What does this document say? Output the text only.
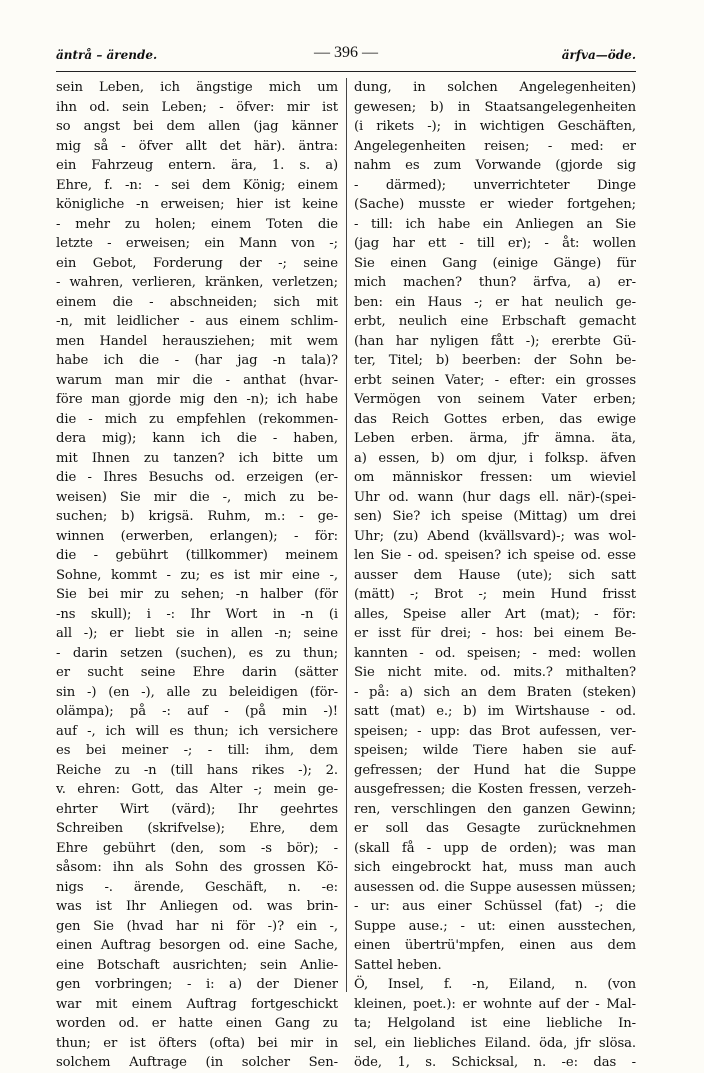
äntrå – ärende.	— 396 —	ärfva—öde.
sein Leben, ich ängstige mich um
ihn od. sein Leben; - öfver: mir ist
so angst bei dem allen (jag känner
mig så - öfver allt det här). äntra:
ein Fahrzeug entern. ära, 1. s. a)
Ehre, f. -n: - sei dem König; einem
königliche -n erweisen; hier ist keine
- mehr zu holen; einem Toten die
letzte - erweisen; ein Mann von -;
ein Gebot, Forderung der -; seine
- wahren, verlieren, kränken, verletzen;
einem die - abschneiden; sich mit
-n, mit leidlicher - aus einem schlim-
men Handel herausziehen; mit wem
habe ich die - (har jag -n tala)?
warum man mir die - anthat (hvar-
före man gjorde mig den -n); ich habe
die - mich zu empfehlen (rekommen-
dera mig); kann ich die - haben,
mit Ihnen zu tanzen? ich bitte um
die - Ihres Besuchs od. erzeigen (er-
weisen) Sie mir die -, mich zu be-
suchen; b) krigsä. Ruhm, m.: - ge-
winnen (erwerben, erlangen); - för:
die - gebührt (tillkommer) meinem
Sohne, kommt - zu; es ist mir eine -,
Sie bei mir zu sehen; -n halber (för
-ns skull); i -: Ihr Wort in -n (i
all -); er liebt sie in allen -n; seine
- darin setzen (suchen), es zu thun;
er sucht seine Ehre darin (sätter
sin -) (en -), alle zu beleidigen (för-
olämpa); på -: auf - (på min -)!
auf -, ich will es thun; ich versichere
es bei meiner -; - till: ihm, dem
Reiche zu -n (till hans rikes -); 2.
v. ehren: Gott, das Alter -; mein ge-
ehrter Wirt (värd); Ihr geehrtes
Schreiben (skrifvelse); Ehre, dem
Ehre gebührt (den, som -s bör); -
såsom: ihn als Sohn des grossen Kö-
nigs -. ärende, Geschäft, n. -e:
was ist Ihr Anliegen od. was brin-
gen Sie (hvad har ni för -)? ein -,
einen Auftrag besorgen od. eine Sache,
eine Botschaft ausrichten; sein Anlie-
gen vorbringen; - i: a) der Diener
war mit einem Auftrag fortgeschickt
worden od. er hatte einen Gang zu
thun; er ist öfters (ofta) bei mir in
solchem Auftrage (in solcher Sen-
dung, in solchen Angelegenheiten)
gewesen; b) in Staatsangelegenheiten
(i rikets -); in wichtigen Geschäften,
Angelegenheiten reisen; - med: er
nahm es zum Vorwande (gjorde sig
- därmed); unverrichteter Dinge
(Sache) musste er wieder fortgehen;
- till: ich habe ein Anliegen an Sie
(jag har ett - till er); - åt: wollen
Sie einen Gang (einige Gänge) für
mich machen? thun? ärfva, a) er-
ben: ein Haus -; er hat neulich ge-
erbt, neulich eine Erbschaft gemacht
(han har nyligen fått -); ererbte Gü-
ter, Titel; b) beerben: der Sohn be-
erbt seinen Vater; - efter: ein grosses
Vermögen von seinem Vater erben;
das Reich Gottes erben, das ewige
Leben erben. ärma, jfr ämna. äta,
a) essen, b) om djur, i folksp. äfven
om människor fressen: um wieviel
Uhr od. wann (hur dags ell. när)-(spei-
sen) Sie? ich speise (Mittag) um drei
Uhr; (zu) Abend (kvällsvard)-; was wol-
len Sie - od. speisen? ich speise od. esse
ausser dem Hause (ute); sich satt
(mätt) -; Brot -; mein Hund frisst
alles, Speise aller Art (mat); - för:
er isst für drei; - hos: bei einem Be-
kannten - od. speisen; - med: wollen
Sie nicht mite. od. mits.? mithalten?
- på: a) sich an dem Braten (steken)
satt (mat) e.; b) im Wirtshause - od.
speisen; - upp: das Brot aufessen, ver-
speisen; wilde Tiere haben sie auf-
gefressen; der Hund hat die Suppe
ausgefressen; die Kosten fressen, verzeh-
ren, verschlingen den ganzen Gewinn;
er soll das Gesagte zurücknehmen
(skall få - upp de orden); was man
sich eingebrockt hat, muss man auch
ausessen od. die Suppe ausessen müssen;
- ur: aus einer Schüssel (fat) -; die
Suppe ause.; - ut: einen ausstechen,
einen übertrü'mpfen, einen aus dem
Sattel heben.
Ö, Insel, f. -n, Eiland, n. (von
kleinen, poet.): er wohnte auf der - Mal-
ta; Helgoland ist eine liebliche In-
sel, ein liebliches Eiland. öda, jfr slösa.
öde, 1, s. Schicksal, n. -e: das -
